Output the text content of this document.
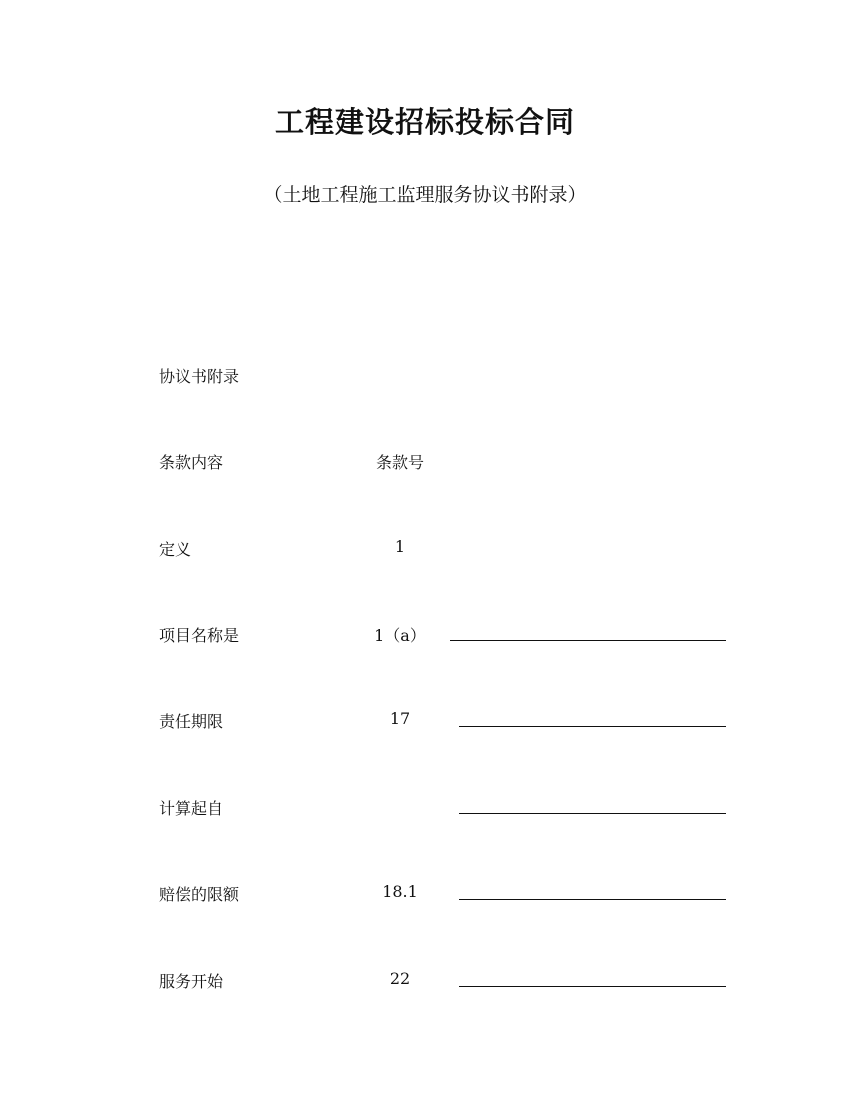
工程建设招标投标合同
（土地工程施工监理服务协议书附录）
协议书附录
条款内容	条款号
定义	1
项目名称是	1（a）
责任期限	17
计算起自
赔偿的限额	18.1
服务开始	22
